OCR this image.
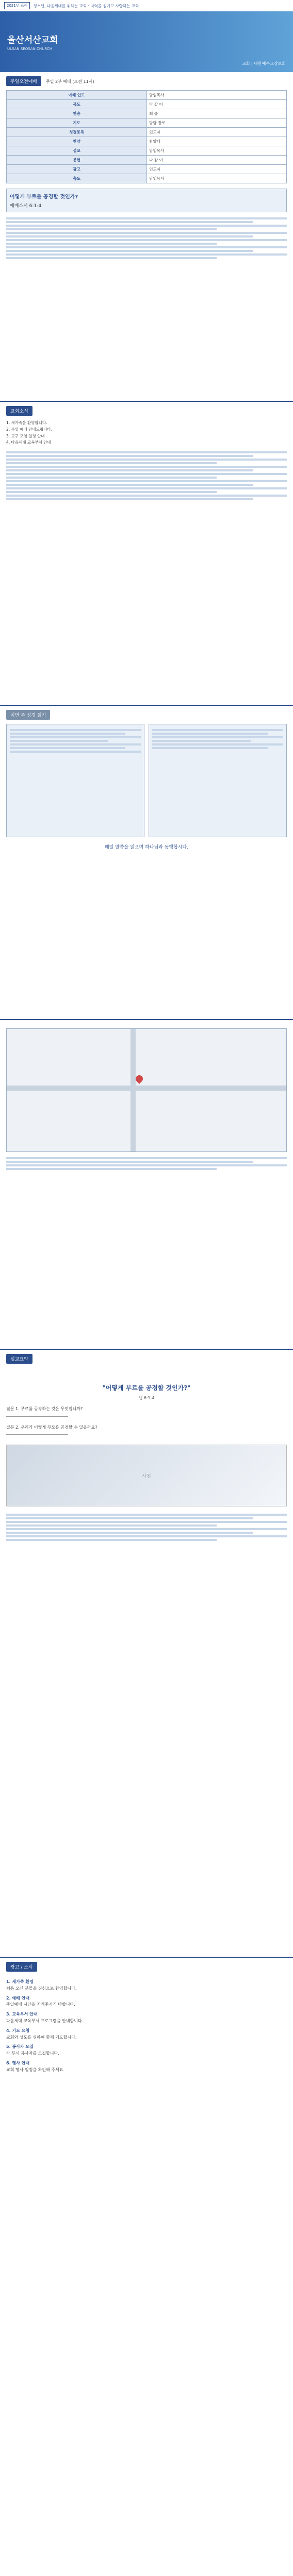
2021년 표어	청소년, 다음세대를 위하는 교회 · 지역을 섬기고 사랑하는 교회
울산서산교회
ULSAN SEOSAN CHURCH
교회 | 대한예수교장로회
주일오전예배 주일 2부 예배 (오전 11시)
예배 인도	담임목사
묵도	다 같 이
찬송	회 중
기도	담당 장로
성경봉독	인도자
찬양	찬양대
설교	담임목사
봉헌	다 같 이
광고	인도자
축도	담임목사
어떻게 부르를 공경할 것인가?
에베소서 6:1-4
교회소식
1. 새가족을 환영합니다.
2. 주일 예배 안내드립니다.
3. 교구 모임 일정 안내
4. 다음세대 교육부서 안내
이번 주 성경 읽기
매일 말씀을 읽으며 하나님과 동행합시다.
설교요약
"어떻게 부르를 공경할 것인가?"
엡 6:1-4
질문 1. 부르를 공경하는 것은 무엇입니까?

질문 2. 우리가 어떻게 부모를 공경할 수 있을까요?

사진
광고 / 소식
1. 새가족 환영
처음 오신 분들을 진심으로 환영합니다.
2. 예배 안내
주일예배 시간을 지켜주시기 바랍니다.
3. 교육부서 안내
다음세대 교육부서 프로그램을 안내합니다.
4. 기도 요청
교회와 성도를 위하여 함께 기도합시다.
5. 봉사자 모집
각 부서 봉사자를 모집합니다.
6. 행사 안내
교회 행사 일정을 확인해 주세요.
